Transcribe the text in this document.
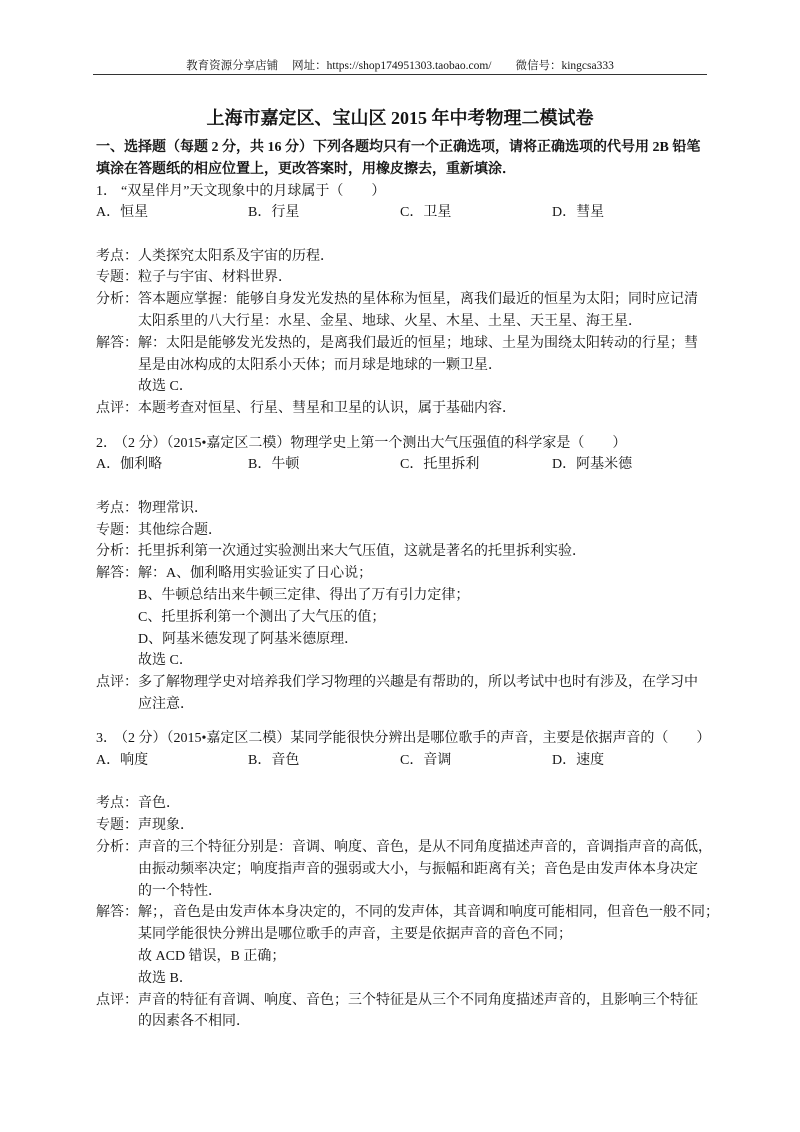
教育资源分享店铺 网址：https://shop174951303.taobao.com/ 微信号：kingcsa333
上海市嘉定区、宝山区 2015 年中考物理二模试卷
一、选择题（每题 2 分，共 16 分）下列各题均只有一个正确选项，请将正确选项的代号用 2B 铅笔
填涂在答题纸的相应位置上，更改答案时，用橡皮擦去，重新填涂．
1． “双星伴月”天文现象中的月球属于（　　）
A．恒星	B．行星	C．卫星	D．彗星
考点： 人类探究太阳系及宇宙的历程．
专题： 粒子与宇宙、材料世界．
分析： 答本题应掌握：能够自身发光发热的星体称为恒星，离我们最近的恒星为太阳；同时应记清
太阳系里的八大行星：水星、金星、地球、火星、木星、土星、天王星、海王星．
解答： 解：太阳是能够发光发热的，是离我们最近的恒星；地球、土星为围绕太阳转动的行星；彗
星是由冰构成的太阳系小天体；而月球是地球的一颗卫星．
故选 C．
点评： 本题考查对恒星、行星、彗星和卫星的认识，属于基础内容．
2． （2 分）（2015•嘉定区二模）物理学史上第一个测出大气压强值的科学家是（　　）
A．伽利略	B．牛顿	C．托里拆利	D．阿基米德
考点： 物理常识．
专题： 其他综合题．
分析： 托里拆利第一次通过实验测出来大气压值，这就是著名的托里拆利实验．
解答： 解：A、伽利略用实验证实了日心说；
B、牛顿总结出来牛顿三定律、得出了万有引力定律；
C、托里拆利第一个测出了大气压的值；
D、阿基米德发现了阿基米德原理．
故选 C．
点评： 多了解物理学史对培养我们学习物理的兴趣是有帮助的，所以考试中也时有涉及，在学习中
应注意．
3． （2 分）（2015•嘉定区二模）某同学能很快分辨出是哪位歌手的声音，主要是依据声音的（　　）
A．响度	B．音色	C．音调	D．速度
考点： 音色．
专题： 声现象．
分析： 声音的三个特征分别是：音调、响度、音色，是从不同角度描述声音的，音调指声音的高低，
由振动频率决定；响度指声音的强弱或大小，与振幅和距离有关；音色是由发声体本身决定
的一个特性．
解答： 解；，音色是由发声体本身决定的，不同的发声体，其音调和响度可能相同，但音色一般不同；
某同学能很快分辨出是哪位歌手的声音，主要是依据声音的音色不同；
故 ACD 错误，B 正确；
故选 B．
点评： 声音的特征有音调、响度、音色；三个特征是从三个不同角度描述声音的，且影响三个特征
的因素各不相同．
